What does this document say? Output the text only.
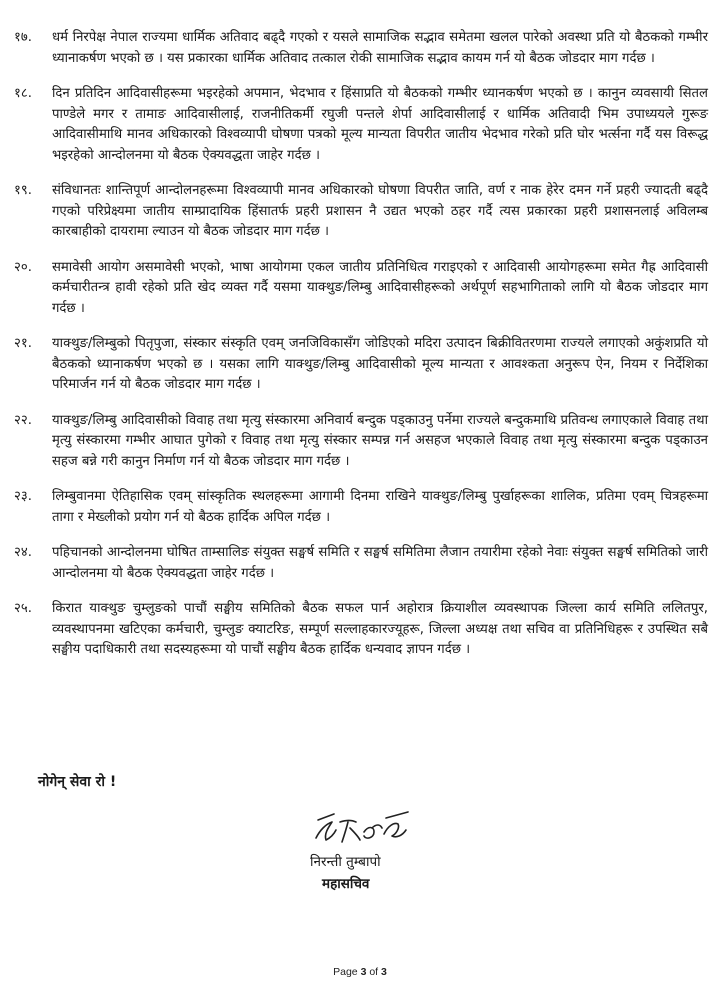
१७.	धर्म निरपेक्ष नेपाल राज्यमा धार्मिक अतिवाद बढ्दै गएको र यसले सामाजिक सद्भाव समेतमा खलल पारेको अवस्था प्रति यो बैठकको गम्भीर ध्यानाकर्षण भएको छ । यस प्रकारका धार्मिक अतिवाद तत्काल रोकी सामाजिक सद्भाव कायम गर्न यो बैठक जोडदार माग गर्दछ ।
१८.	दिन प्रतिदिन आदिवासीहरूमा भइरहेको अपमान, भेदभाव र हिंसाप्रति यो बैठकको गम्भीर ध्यानकर्षण भएको छ । कानुन व्यवसायी सितल पाण्डेले मगर र तामाङ आदिवासीलाई, राजनीतिकर्मी रघुजी पन्तले शेर्पा आदिवासीलाई र धार्मिक अतिवादी भिम उपाध्ययले गुरूङ आदिवासीमाथि मानव अधिकारको विश्वव्यापी घोषणा पत्रको मूल्य मान्यता विपरीत जातीय भेदभाव गरेको प्रति घोर भर्त्सना गर्दै यस विरूद्ध भइरहेको आन्दोलनमा यो बैठक ऐक्यवद्धता जाहेर गर्दछ ।
१९.	संविधानतः शान्तिपूर्ण आन्दोलनहरूमा विश्वव्यापी मानव अधिकारको घोषणा विपरीत जाति, वर्ण र नाक हेरेर दमन गर्ने प्रहरी ज्यादती बढ्दै गएको परिप्रेक्ष्यमा जातीय साम्प्रादायिक हिंसातर्फ प्रहरी प्रशासन नै उद्यत भएको ठहर गर्दै त्यस प्रकारका प्रहरी प्रशासनलाई अविलम्ब कारबाहीको दायरामा ल्याउन यो बैठक जोडदार माग गर्दछ ।
२०.	समावेसी आयोग असमावेसी भएको, भाषा आयोगमा एकल जातीय प्रतिनिधित्व गराइएको र आदिवासी आयोगहरूमा समेत गैह्र आदिवासी कर्मचारीतन्त्र हावी रहेको प्रति खेद व्यक्त गर्दै यसमा याक्थुङ/लिम्बु आदिवासीहरूको अर्थपूर्ण सहभागिताको लागि यो बैठक जोडदार माग गर्दछ ।
२१.	याक्थुङ/लिम्बुको पितृपुजा, संस्कार संस्कृति एवम् जनजिविकासँग जोडिएको मदिरा उत्पादन बिक्रीवितरणमा राज्यले लगाएको अकुंशप्रति यो बैठकको ध्यानाकर्षण भएको छ । यसका लागि याक्थुङ/लिम्बु आदिवासीको मूल्य मान्यता र आवश्कता अनुरूप ऐन, नियम र निर्देशिका परिमार्जन गर्न यो बैठक जोडदार माग गर्दछ ।
२२.	याक्थुङ/लिम्बु आदिवासीको विवाह तथा मृत्यु संस्कारमा अनिवार्य बन्दुक पड्काउनु पर्नेमा राज्यले बन्दुकमाथि प्रतिवन्ध लगाएकाले विवाह तथा मृत्यु संस्कारमा गम्भीर आघात पुगेको र विवाह तथा मृत्यु संस्कार सम्पन्न गर्न असहज भएकाले विवाह तथा मृत्यु संस्कारमा बन्दुक पड्काउन सहज बन्ने गरी कानुन निर्माण गर्न यो बैठक जोडदार माग गर्दछ ।
२३.	लिम्बुवानमा ऐतिहासिक एवम् सांस्कृतिक स्थलहरूमा आगामी दिनमा राखिने याक्थुङ/लिम्बु पुर्खाहरूका शालिक, प्रतिमा एवम् चित्रहरूमा तागा र मेख्लीको प्रयोग गर्न यो बैठक हार्दिक अपिल गर्दछ ।
२४.	पहिचानको आन्दोलनमा घोषित ताम्सालिङ संयुक्त सङ्घर्ष समिति र सङ्घर्ष समितिमा लैजान तयारीमा रहेको नेवाः संयुक्त सङ्घर्ष समितिको जारी आन्दोलनमा यो बैठक ऐक्यवद्धता जाहेर गर्दछ ।
२५.	किरात याक्थुङ चुम्लुङको पाचौं सङ्घीय समितिको बैठक सफल पार्न अहोरात्र क्रियाशील व्यवस्थापक जिल्ला कार्य समिति ललितपुर, व्यवस्थापनमा खटिएका कर्मचारी, चुम्लुङ क्याटरिङ, सम्पूर्ण सल्लाहकारज्यूहरू, जिल्ला अध्यक्ष तथा सचिव वा प्रतिनिधिहरू र उपस्थित सबै सङ्घीय पदाधिकारी तथा सदस्यहरूमा यो पाचौं सङ्घीय बैठक हार्दिक धन्यवाद ज्ञापन गर्दछ ।
नोगेन् सेवा रो !
निरन्ती तुम्बापो
महासचिव
Page 3 of 3
